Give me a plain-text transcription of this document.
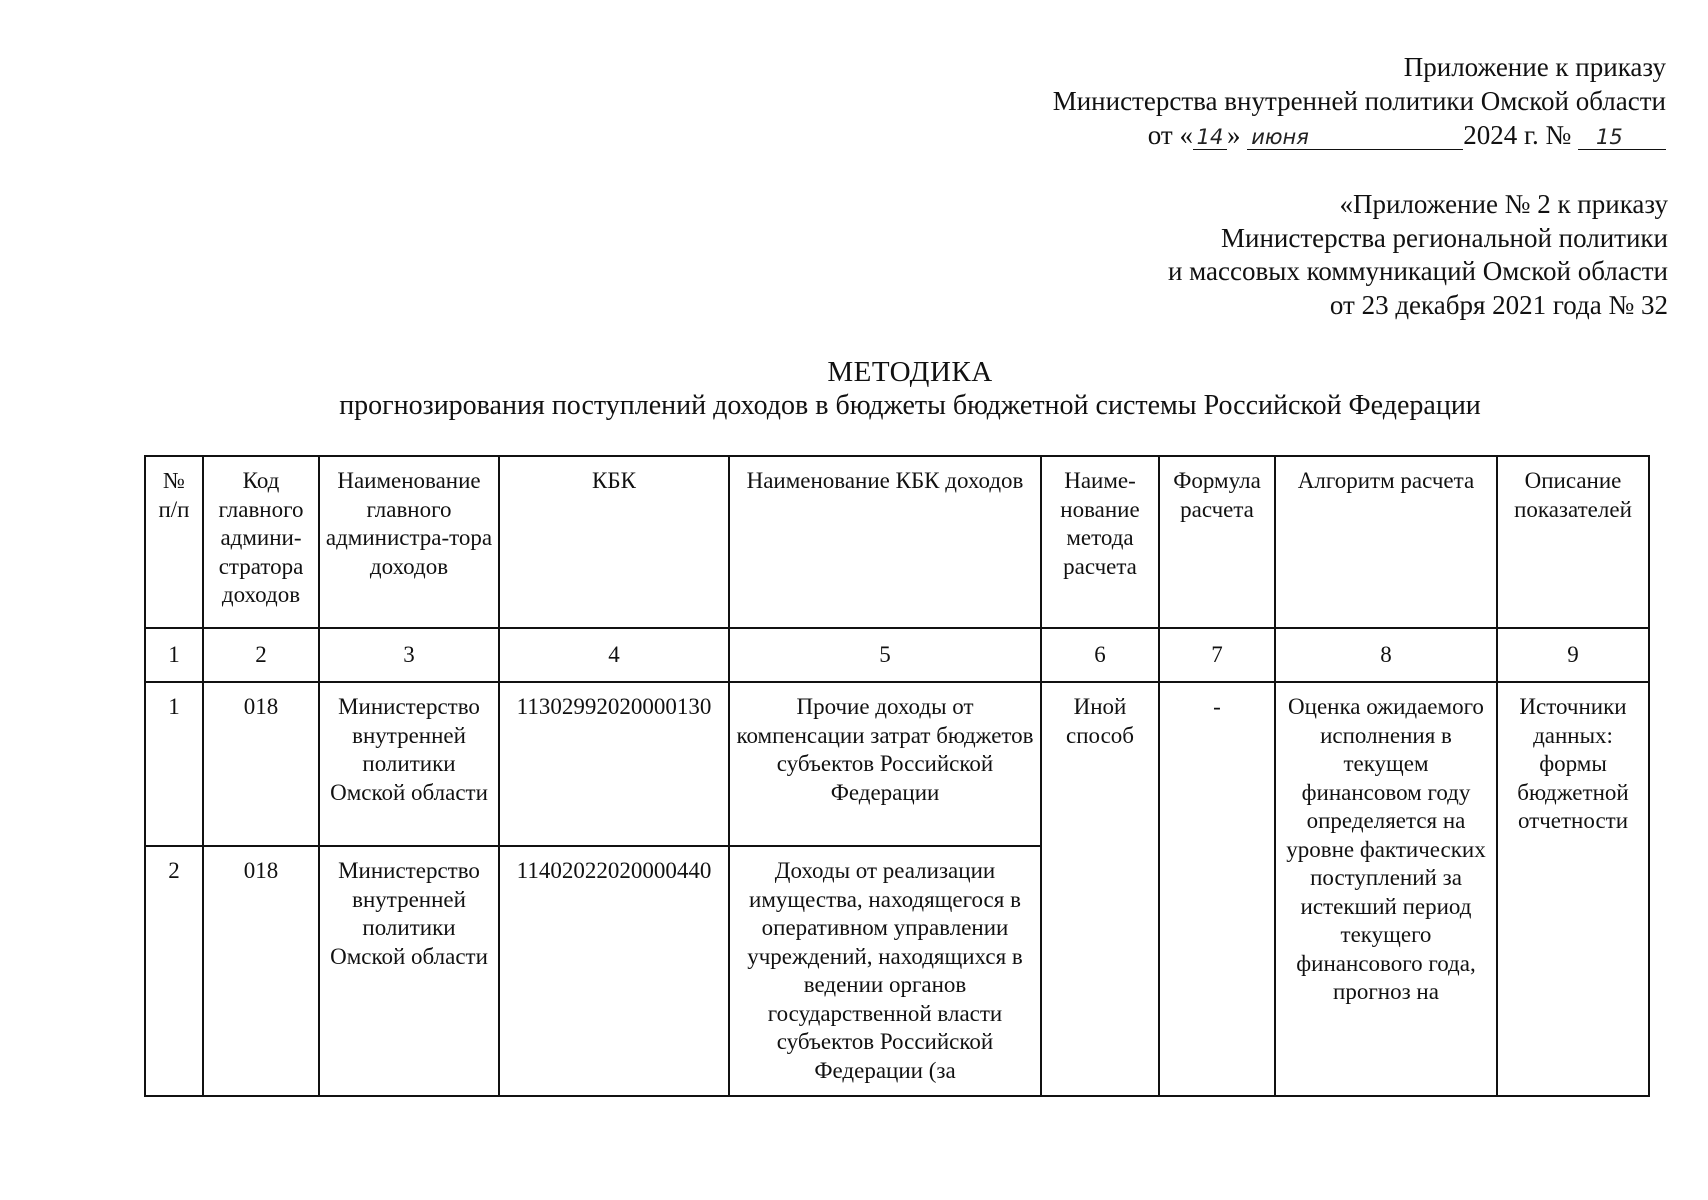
Приложение к приказу
Министерства внутренней политики Омской области
от « 14 » июня	2024 г. № 15
«Приложение № 2 к приказу
Министерства региональной политики
и массовых коммуникаций Омской области
от 23 декабря 2021 года № 32
МЕТОДИКА
прогнозирования поступлений доходов в бюджеты бюджетной системы Российской Федерации
№ п/п	Код главного админи-стратора доходов	Наименование главного администра-тора доходов	КБК	Наименование КБК доходов	Наиме-нование метода расчета	Формула расчета	Алгоритм расчета	Описание показателей
1	2	3	4	5	6	7	8	9
1	018	Министерство внутренней политики Омской области	11302992020000130	Прочие доходы от компенсации затрат бюджетов субъектов Российской Федерации	Иной способ	-	Оценка ожидаемого исполнения в текущем финансовом году определяется на уровне фактических поступлений за истекший период текущего финансового года, прогноз на	Источники данных: формы бюджетной отчетности
2	018	Министерство внутренней политики Омской области	11402022020000440	Доходы от реализации имущества, находящегося в оперативном управлении учреждений, находящихся в ведении органов государственной власти субъектов Российской Федерации (за				
